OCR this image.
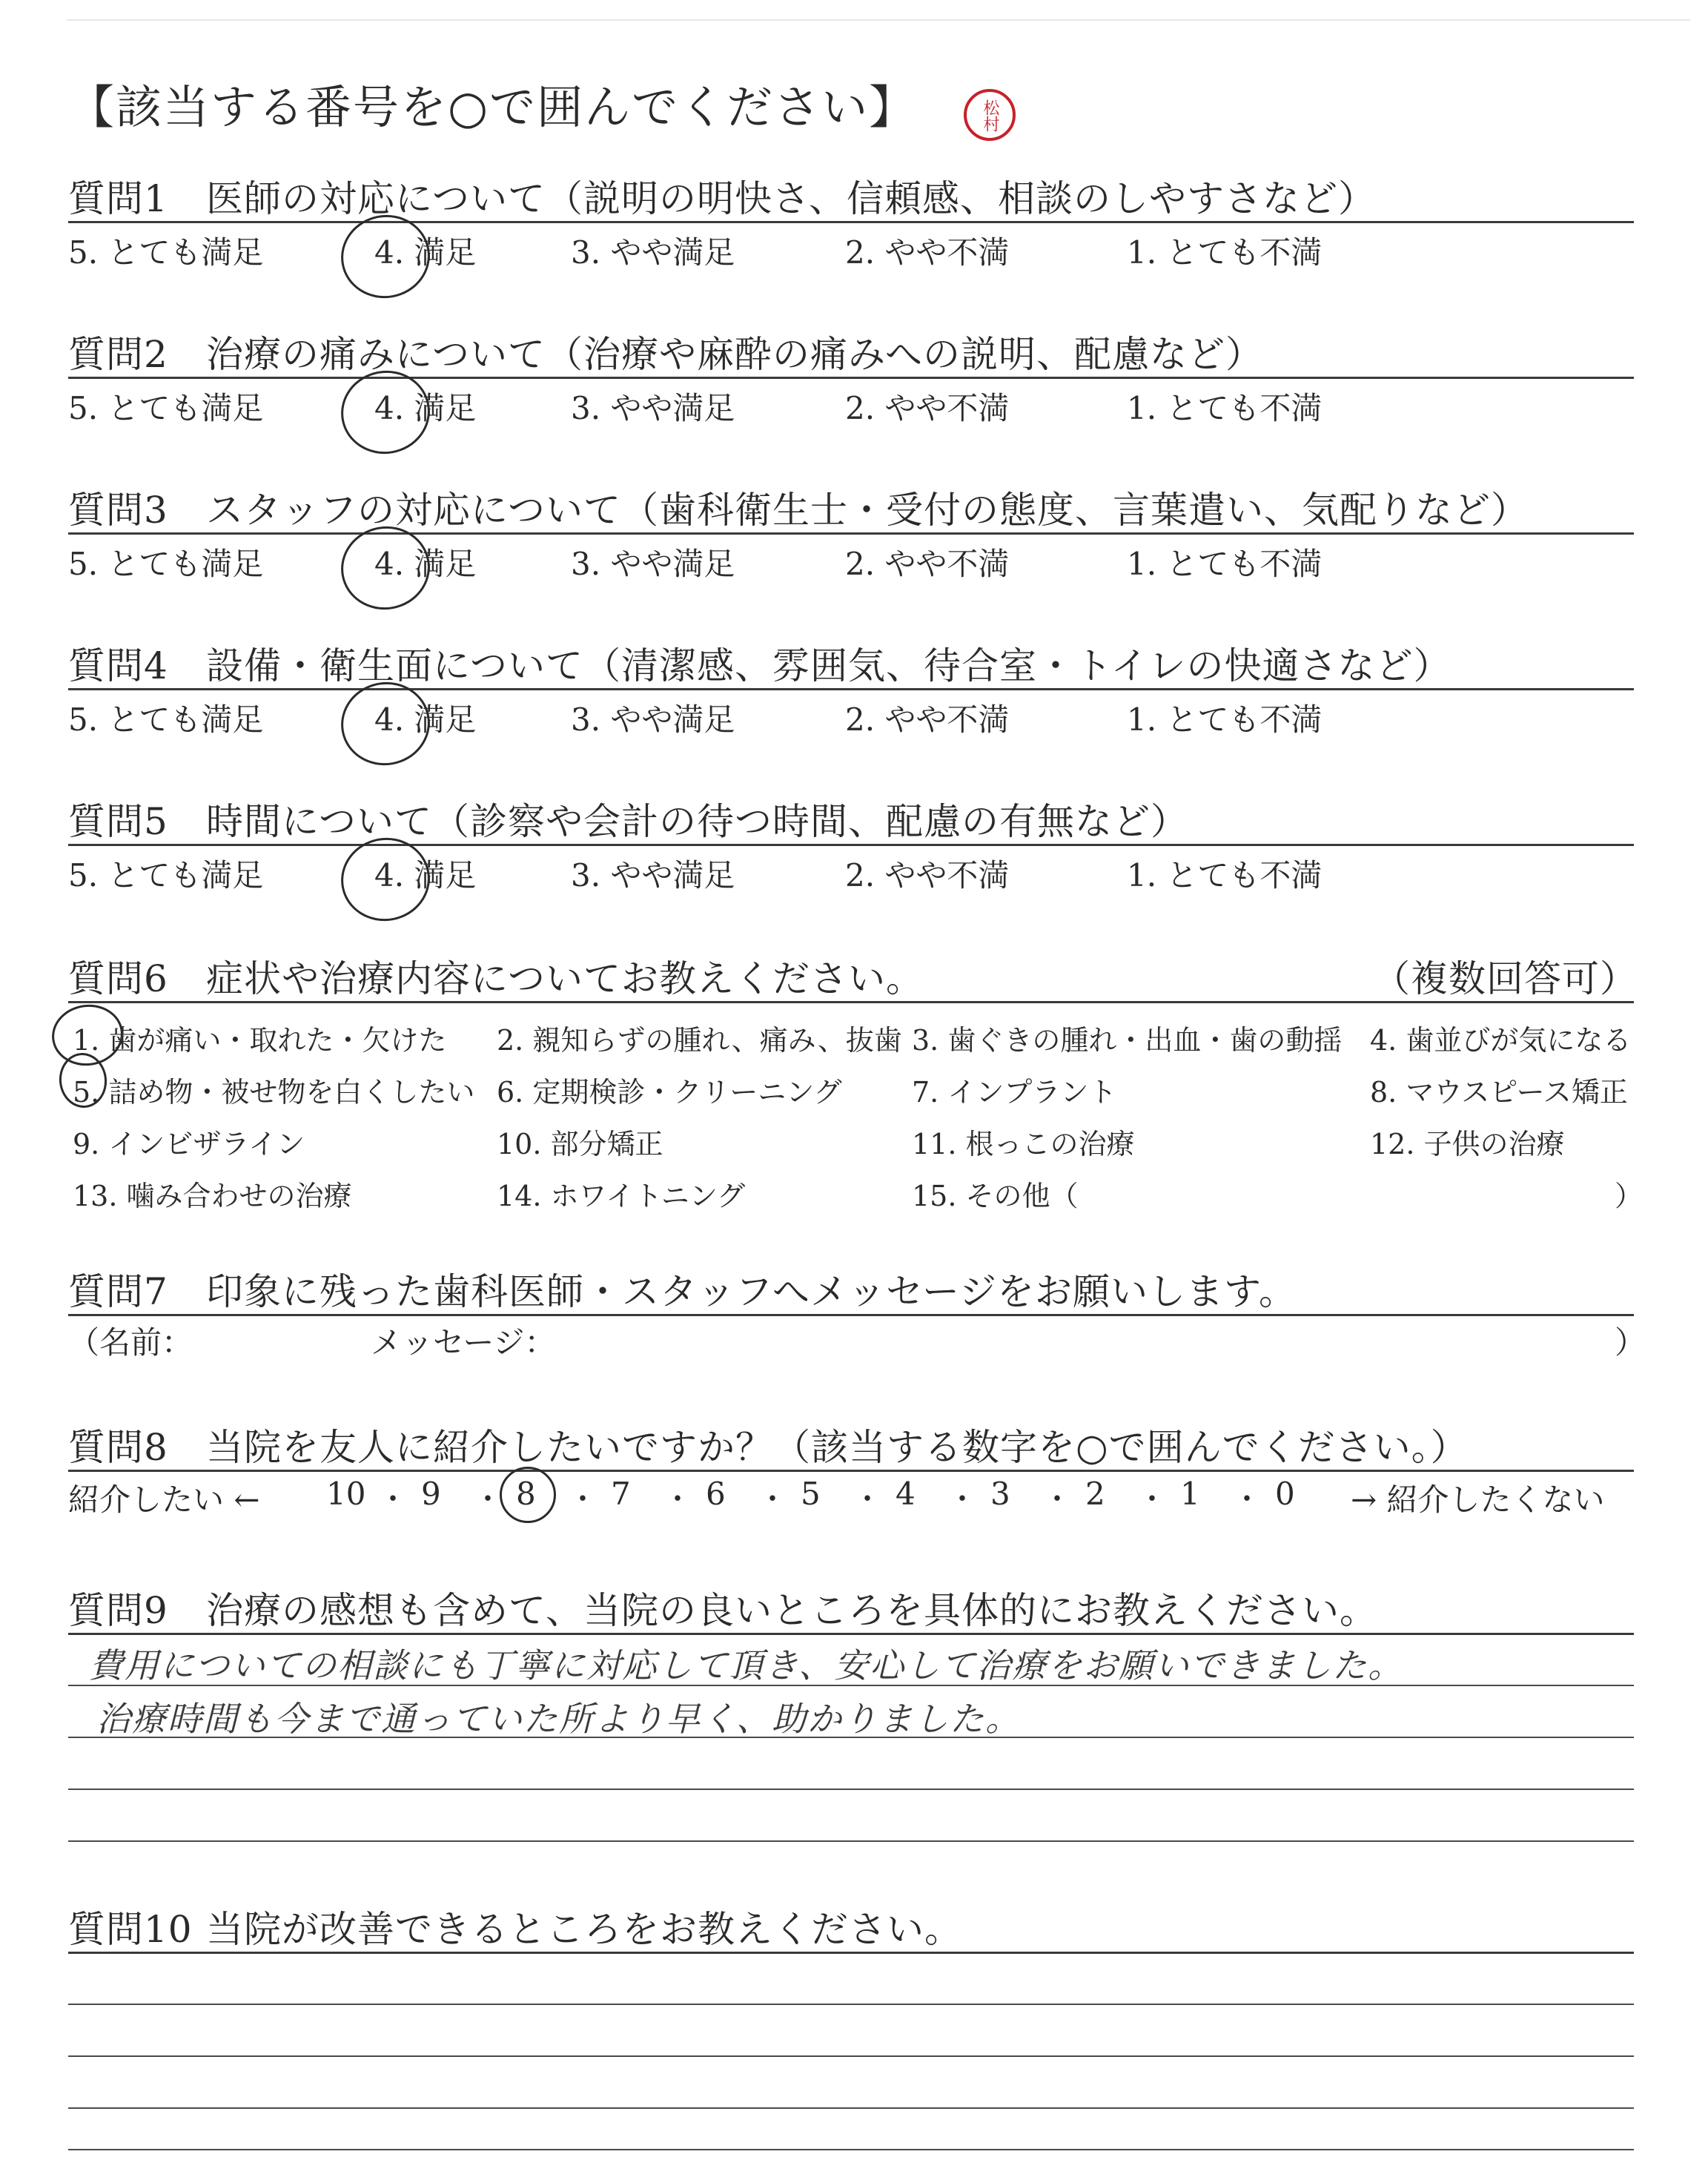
【該当する番号を○で囲んでください】	松村
質問1 医師の対応について（説明の明快さ、信頼感、相談のしやすさなど）
5. とても満足	4. 満足	3. やや満足	2. やや不満	1. とても不満
質問2 治療の痛みについて（治療や麻酔の痛みへの説明、配慮など）
5. とても満足	4. 満足	3. やや満足	2. やや不満	1. とても不満
質問3 スタッフの対応について（歯科衛生士・受付の態度、言葉遣い、気配りなど）
5. とても満足	4. 満足	3. やや満足	2. やや不満	1. とても不満
質問4 設備・衛生面について（清潔感、雰囲気、待合室・トイレの快適さなど）
5. とても満足	4. 満足	3. やや満足	2. やや不満	1. とても不満
質問5 時間について（診察や会計の待つ時間、配慮の有無など）
5. とても満足	4. 満足	3. やや満足	2. やや不満	1. とても不満
質問6 症状や治療内容についてお教えください。	（複数回答可）
1. 歯が痛い・取れた・欠けた 2. 親知らずの腫れ、痛み、抜歯 3. 歯ぐきの腫れ・出血・歯の動揺 4. 歯並びが気になる
5. 詰め物・被せ物を白くしたい 6. 定期検診・クリーニング 7. インプラント	8. マウスピース矯正
9. インビザライン	10. 部分矯正	11. 根っこの治療	12. 子供の治療
13. 噛み合わせの治療	14. ホワイトニング	15. その他（	）
質問7 印象に残った歯科医師・スタッフへメッセージをお願いします。
（名前：	メッセージ：	）
質問8 当院を友人に紹介したいですか？（該当する数字を○で囲んでください。）
紹介したい ←	→ 紹介したくない
10 ・ 9 ・ 8 ・ 7 ・ 6 ・ 5 ・ 4 ・ 3 ・ 2 ・ 1 ・ 0
質問9 治療の感想も含めて、当院の良いところを具体的にお教えください。
費用についての相談にも丁寧に対応して頂き、安心して治療をお願いできました。
治療時間も今まで通っていた所より早く、助かりました。
質問10 当院が改善できるところをお教えください。
